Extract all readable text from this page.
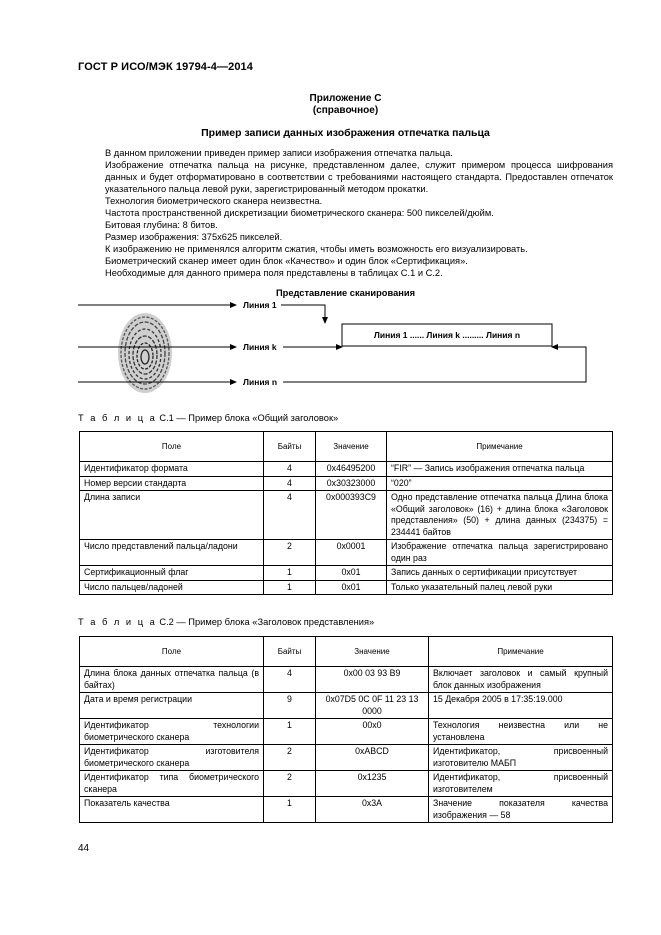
ГОСТ Р ИСО/МЭК 19794-4—2014
Приложение С
(справочное)
Пример записи данных изображения отпечатка пальца
В данном приложении приведен пример записи изображения отпечатка пальца.
Изображение отпечатка пальца на рисунке, представленном далее, служит примером процесса шифрования данных и будет отформатировано в соответствии с требованиями настоящего стандарта. Предоставлен отпечаток указательного пальца левой руки, зарегистрированный методом прокатки.
Технология биометрического сканера неизвестна.
Частота пространственной дискретизации биометрического сканера: 500 пикселей/дюйм.
Битовая глубина: 8 битов.
Размер изображения: 375x625 пикселей.
К изображению не применялся алгоритм сжатия, чтобы иметь возможность его визуализировать.
Биометрический сканер имеет один блок «Качество» и один блок «Сертификация».
Необходимые для данного примера поля представлены в таблицах С.1 и С.2.
Представление сканирования
Линия 1
Линия k
Линия n
Линия 1 ...... Линия k ......... Линия n
Т а б л и ц а С.1 — Пример блока «Общий заголовок»
Поле	Байты	Значение	Примечание
Идентификатор формата	4	0x46495200	“FIR” — Запись изображения отпечатка пальца
Номер версии стандарта	4	0x30323000	“020”
Длина записи	4	0x000393C9	Одно представление отпечатка пальца Длина блока «Общий заголовок» (16) + длина блока «Заголовок представления» (50) + длина данных (234375) = 234441 байтов
Число представлений пальца/ладони	2	0x0001	Изображение отпечатка пальца зарегистрировано один раз
Сертификационный флаг	1	0x01	Запись данных о сертификации присутствует
Число пальцев/ладоней	1	0x01	Только указательный палец левой руки
Т а б л и ц а С.2 — Пример блока «Заголовок представления»
Поле	Байты	Значение	Примечание
Длина блока данных отпечатка пальца (в байтах)	4	0x00 03 93 B9	Включает заголовок и самый крупный блок данных изображения
Дата и время регистрации	9	0x07D5 0C 0F 11 23 13 0000	15 Декабря 2005 в 17:35:19.000
Идентификатор технологии биометрического сканера	1	00x0	Технология неизвестна или не установлена
Идентификатор изготовителя биометрического сканера	2	0xABCD	Идентификатор, присвоенный изготовителю МАБП
Идентификатор типа биометрического сканера	2	0x1235	Идентификатор, присвоенный изготовителем
Показатель качества	1	0x3A	Значение показателя качества изображения — 58
44
